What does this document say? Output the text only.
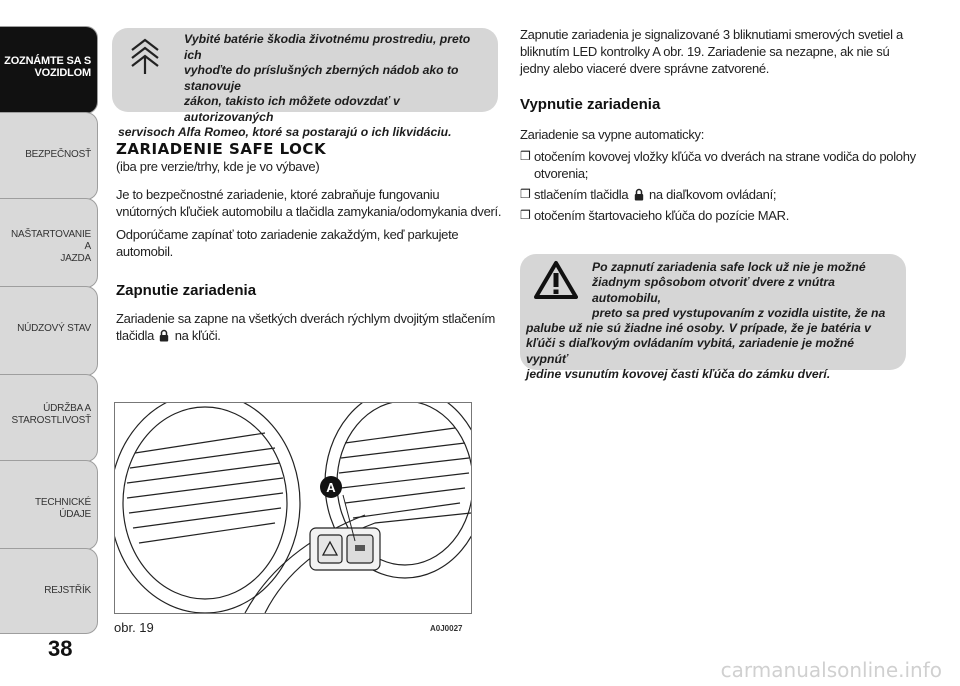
ZOZNÁMTE SA S
VOZIDLOM
BEZPEČNOSŤ
NAŠTARTOVANIE A
JAZDA
NÚDZOVÝ STAV
ÚDRŽBA A
STAROSTLIVOSŤ
TECHNICKÉ ÚDAJE
REJSTŘÍK
38
Vybité batérie škodia životnému prostrediu, preto ich
vyhoďte do príslušných zberných nádob ako to stanovuje
zákon, takisto ich môžete odovzdať v autorizovaných
servisoch Alfa Romeo, ktoré sa postarajú o ich likvidáciu.
ZARIADENIE SAFE LOCK
(iba pre verzie/trhy, kde je vo výbave)
Je to bezpečnostné zariadenie, ktoré zabraňuje fungovaniu vnútorných kľučiek automobilu a tlačidla zamykania/odomykania dverí.
Odporúčame zapínať toto zariadenie zakaždým, keď parkujete automobil.
Zapnutie zariadenia
Zariadenie sa zapne na všetkých dverách rýchlym dvojitým stlačením tlačidla na kľúči.
A
obr. 19	A0J0027
Zapnutie zariadenia je signalizované 3 bliknutiami smerových svetiel a bliknutím LED kontrolky A obr. 19. Zariadenie sa nezapne, ak nie sú jedny alebo viaceré dvere správne zatvorené.
Vypnutie zariadenia
Zariadenie sa vypne automaticky:
❒ otočením kovovej vložky kľúča vo dverách na strane vodiča do polohy otvorenia;
❒ stlačením tlačidla na diaľkovom ovládaní;
❒ otočením štartovacieho kľúča do pozície MAR.
Po zapnutí zariadenia safe lock už nie je možné
žiadnym spôsobom otvoriť dvere z vnútra automobilu,
preto sa pred vystupovaním z vozidla uistite, že na
palube už nie sú žiadne iné osoby. V prípade, že je batéria v
kľúči s diaľkovým ovládaním vybitá, zariadenie je možné vypnúť
jedine vsunutím kovovej časti kľúča do zámku dverí.
carmanualsonline.info
